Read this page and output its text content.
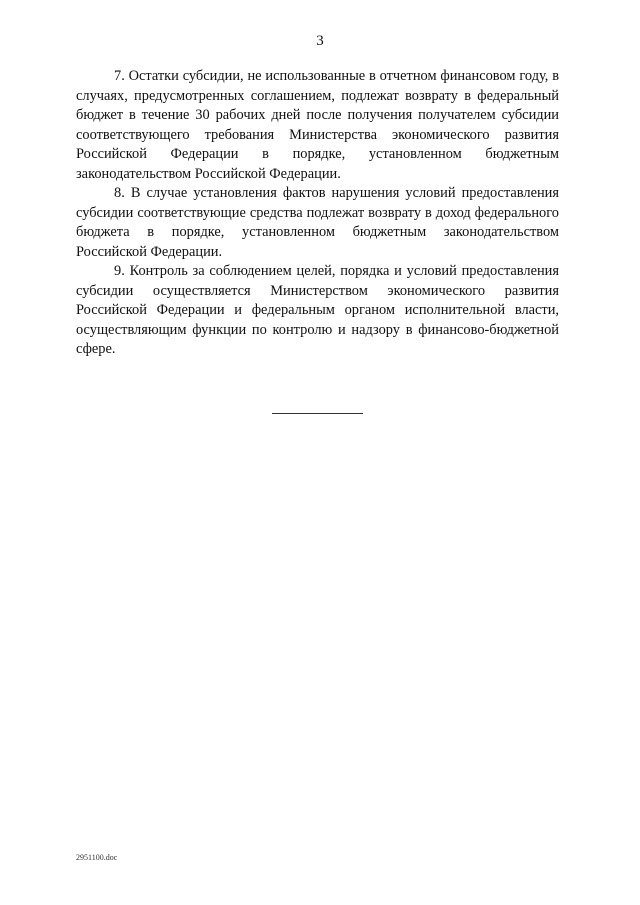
3

7. Остатки субсидии, не использованные в отчетном финансовом году, в случаях, предусмотренных соглашением, подлежат возврату в федеральный бюджет в течение 30 рабочих дней после получения получателем субсидии соответствующего требования Министерства экономического развития Российской Федерации в порядке, установленном бюджетным законодательством Российской Федерации.

8. В случае установления фактов нарушения условий предоставления субсидии соответствующие средства подлежат возврату в доход федерального бюджета в порядке, установленном бюджетным законодательством Российской Федерации.

9. Контроль за соблюдением целей, порядка и условий предоставления субсидии осуществляется Министерством экономического развития Российской Федерации и федеральным органом исполнительной власти, осуществляющим функции по контролю и надзору в финансово-бюджетной сфере.

2951100.doc
